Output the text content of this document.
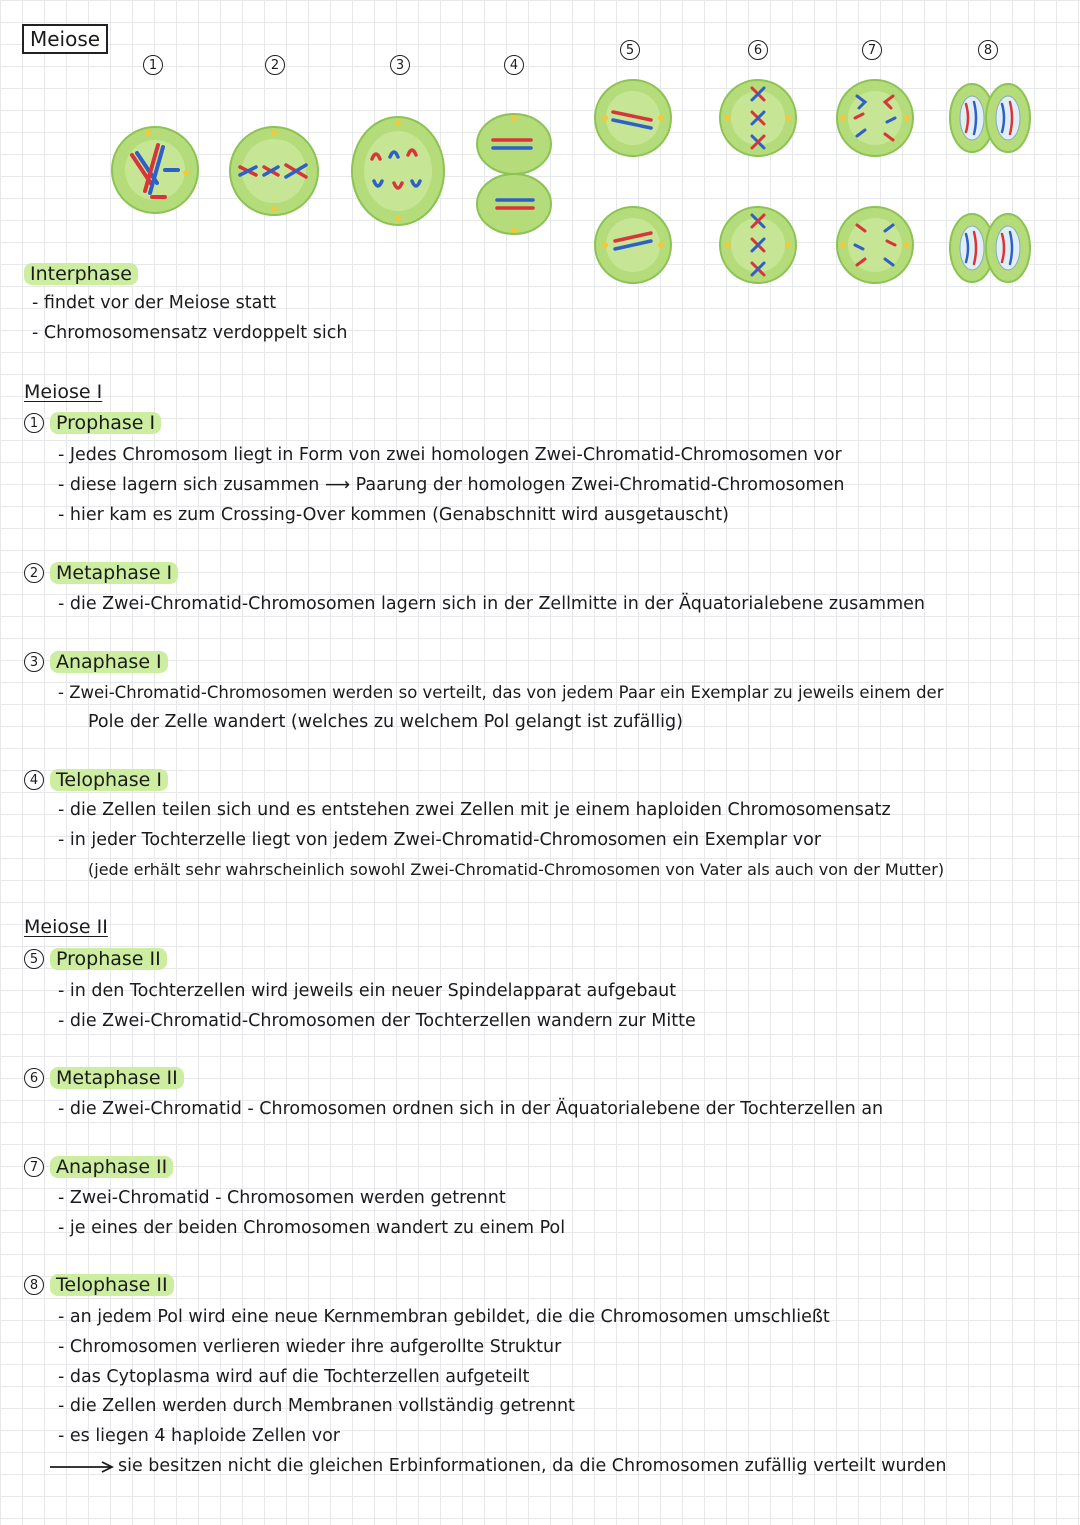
Meiose
1	2	3	4
5	6	7	8
Interphase
- findet vor der Meiose statt
- Chromosomensatz verdoppelt sich
Meiose I
1 Prophase I
- Jedes Chromosom liegt in Form von zwei homologen Zwei-Chromatid-Chromosomen vor
- diese lagern sich zusammen ⟶ Paarung der homologen Zwei-Chromatid-Chromosomen
- hier kam es zum Crossing-Over kommen (Genabschnitt wird ausgetauscht)
2 Metaphase I
- die Zwei-Chromatid-Chromosomen lagern sich in der Zellmitte in der Äquatorialebene zusammen
3 Anaphase I
- Zwei-Chromatid-Chromosomen werden so verteilt, das von jedem Paar ein Exemplar zu jeweils einem der
Pole der Zelle wandert (welches zu welchem Pol gelangt ist zufällig)
4 Telophase I
- die Zellen teilen sich und es entstehen zwei Zellen mit je einem haploiden Chromosomensatz
- in jeder Tochterzelle liegt von jedem Zwei-Chromatid-Chromosomen ein Exemplar vor
(jede erhält sehr wahrscheinlich sowohl Zwei-Chromatid-Chromosomen von Vater als auch von der Mutter)
Meiose II
5 Prophase II
- in den Tochterzellen wird jeweils ein neuer Spindelapparat aufgebaut
- die Zwei-Chromatid-Chromosomen der Tochterzellen wandern zur Mitte
6 Metaphase II
- die Zwei-Chromatid - Chromosomen ordnen sich in der Äquatorialebene der Tochterzellen an
7 Anaphase II
- Zwei-Chromatid - Chromosomen werden getrennt
- je eines der beiden Chromosomen wandert zu einem Pol
8 Telophase II
- an jedem Pol wird eine neue Kernmembran gebildet, die die Chromosomen umschließt
- Chromosomen verlieren wieder ihre aufgerollte Struktur
- das Cytoplasma wird auf die Tochterzellen aufgeteilt
- die Zellen werden durch Membranen vollständig getrennt
- es liegen 4 haploide Zellen vor
sie besitzen nicht die gleichen Erbinformationen, da die Chromosomen zufällig verteilt wurden
